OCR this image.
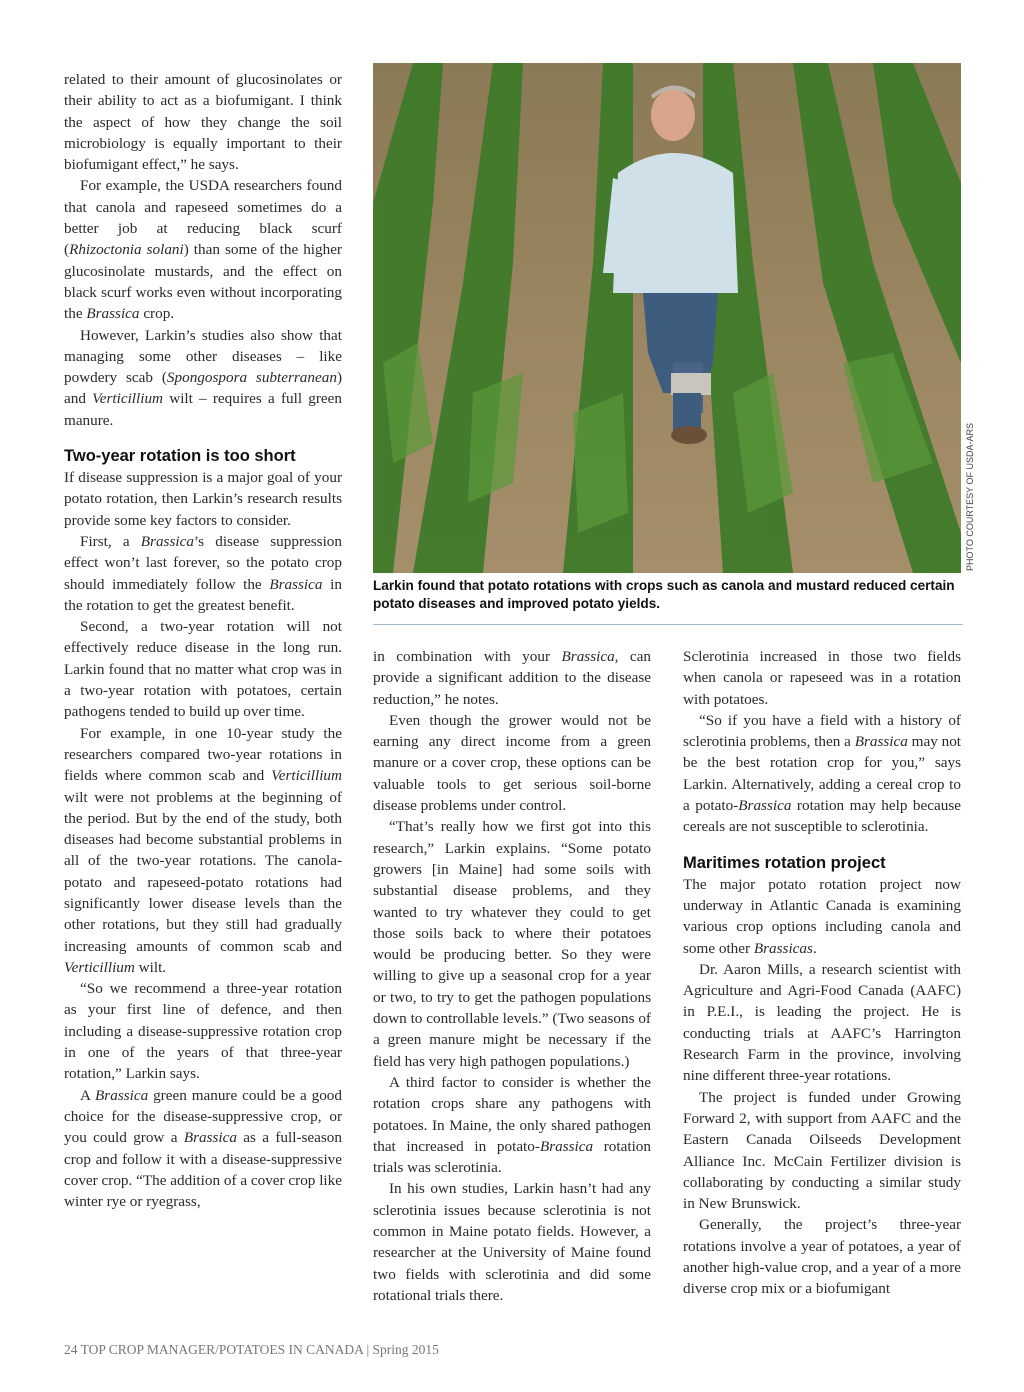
related to their amount of glucosinolates or their ability to act as a biofumigant. I think the aspect of how they change the soil microbiology is equally important to their biofumigant effect,” he says.

For example, the USDA researchers found that canola and rapeseed sometimes do a better job at reducing black scurf (Rhizoctonia solani) than some of the higher glucosinolate mustards, and the effect on black scurf works even without incorporating the Brassica crop.

However, Larkin’s studies also show that managing some other diseases – like powdery scab (Spongospora subterranean) and Verticillium wilt – requires a full green manure.

Two-year rotation is too short

If disease suppression is a major goal of your potato rotation, then Larkin’s research results provide some key factors to consider.

First, a Brassica’s disease suppression effect won’t last forever, so the potato crop should immediately follow the Brassica in the rotation to get the greatest benefit.

Second, a two-year rotation will not effectively reduce disease in the long run. Larkin found that no matter what crop was in a two-year rotation with potatoes, certain pathogens tended to build up over time.

For example, in one 10-year study the researchers compared two-year rotations in fields where common scab and Verticillium wilt were not problems at the beginning of the period. But by the end of the study, both diseases had become substantial problems in all of the two-year rotations. The canola-potato and rapeseed-potato rotations had significantly lower disease levels than the other rotations, but they still had gradually increasing amounts of common scab and Verticillium wilt.

“So we recommend a three-year rotation as your first line of defence, and then including a disease-suppressive rotation crop in one of the years of that three-year rotation,” Larkin says.

A Brassica green manure could be a good choice for the disease-suppressive crop, or you could grow a Brassica as a full-season crop and follow it with a disease-suppressive cover crop. “The addition of a cover crop like winter rye or ryegrass,

PHOTO COURTESY OF USDA-ARS
Larkin found that potato rotations with crops such as canola and mustard reduced certain potato diseases and improved potato yields.

in combination with your Brassica, can provide a significant addition to the disease reduction,” he notes.

Even though the grower would not be earning any direct income from a green manure or a cover crop, these options can be valuable tools to get serious soil-borne disease problems under control.

“That’s really how we first got into this research,” Larkin explains. “Some potato growers [in Maine] had some soils with substantial disease problems, and they wanted to try whatever they could to get those soils back to where their potatoes would be producing better. So they were willing to give up a seasonal crop for a year or two, to try to get the pathogen populations down to controllable levels.” (Two seasons of a green manure might be necessary if the field has very high pathogen populations.)

A third factor to consider is whether the rotation crops share any pathogens with potatoes. In Maine, the only shared pathogen that increased in potato-Brassica rotation trials was sclerotinia.

In his own studies, Larkin hasn’t had any sclerotinia issues because sclerotinia is not common in Maine potato fields. However, a researcher at the University of Maine found two fields with sclerotinia and did some rotational trials there.

Sclerotinia increased in those two fields when canola or rapeseed was in a rotation with potatoes.

“So if you have a field with a history of sclerotinia problems, then a Brassica may not be the best rotation crop for you,” says Larkin. Alternatively, adding a cereal crop to a potato-Brassica rotation may help because cereals are not susceptible to sclerotinia.

Maritimes rotation project

The major potato rotation project now underway in Atlantic Canada is examining various crop options including canola and some other Brassicas.

Dr. Aaron Mills, a research scientist with Agriculture and Agri-Food Canada (AAFC) in P.E.I., is leading the project. He is conducting trials at AAFC’s Harrington Research Farm in the province, involving nine different three-year rotations.

The project is funded under Growing Forward 2, with support from AAFC and the Eastern Canada Oilseeds Development Alliance Inc. McCain Fertilizer division is collaborating by conducting a similar study in New Brunswick.

Generally, the project’s three-year rotations involve a year of potatoes, a year of another high-value crop, and a year of a more diverse crop mix or a biofumigant

24 TOP CROP MANAGER/POTATOES IN CANADA | Spring 2015
